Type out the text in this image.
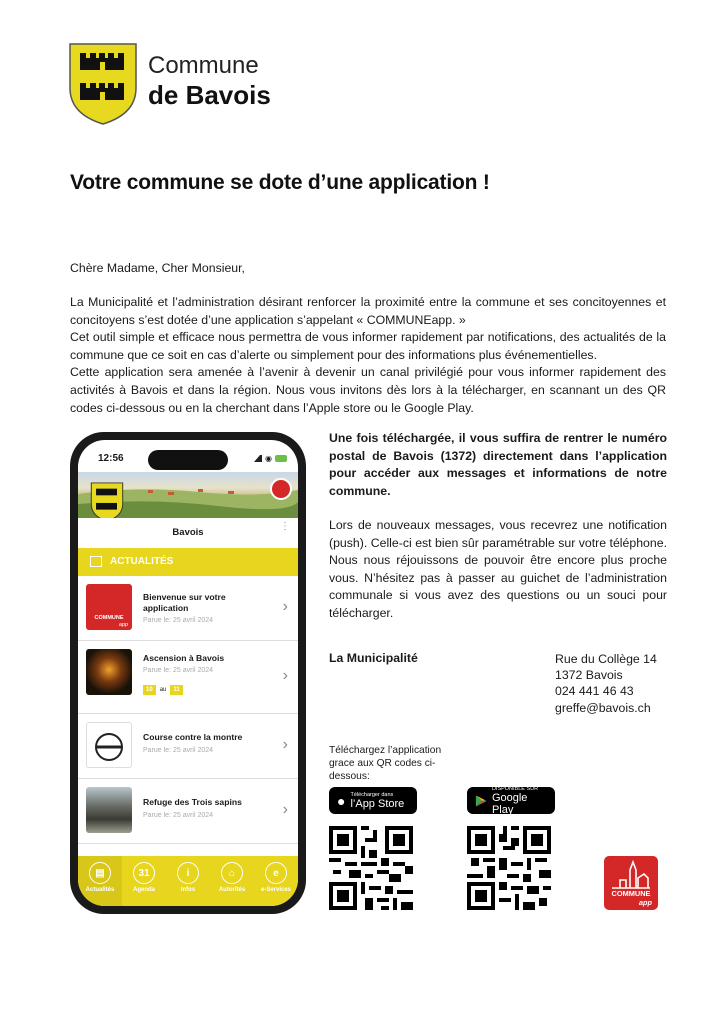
Commune
de Bavois
Votre commune se dote d’une application !
Chère Madame, Cher Monsieur,

La Municipalité et l’administration désirant renforcer la proximité entre la commune et ses concitoyennes et concitoyens s’est dotée d’une application s’appelant « COMMUNEapp. »

Cet outil simple et efficace nous permettra de vous informer rapidement par notifications, des actualités de la commune que ce soit en cas d’alerte ou simplement pour des informations plus événementielles.

Cette application sera amenée à l’avenir à devenir un canal privilégié pour vous informer rapidement des activités à Bavois et dans la région. Nous vous invitons dès lors à la télécharger, en scannant un des QR codes ci-dessous ou en la cherchant dans l’Apple store ou le Google Play.

Une fois téléchargée, il vous suffira de rentrer le numéro postal de Bavois (1372) directement dans l’application pour accéder aux messages et informations de notre commune.
Lors de nouveaux messages, vous recevrez une notification (push). Celle-ci est bien sûr paramétrable sur votre téléphone. Nous nous réjouissons de pouvoir être encore plus proche vous. N’hésitez pas à passer au guichet de l’administration communale si vous avez des questions ou un souci pour télécharger.
La Municipalité	Rue du Collège 14
1372 Bavois
024 441 46 43
greffe@bavois.ch
Téléchargez l’application grace aux QR codes ci-dessous:
● Télécharger dans
l’App Store
DISPONIBLE SUR
Google Play
COMMUNE
app
12:56	◉
Bavois
⋮
ACTUALITÉS
COMMUNE
app
Bienvenue sur votre application
Parue le: 25 avril 2024
›
Ascension à Bavois
Parue le: 25 avril 2024
10	au	11
›
Course contre la montre
Parue le: 25 avril 2024	›
Refuge des Trois sapins
Parue le: 25 avril 2024	›
▤
Actualités
31
Agenda
i
Infos
⌂
Autorités
e
e-Services
